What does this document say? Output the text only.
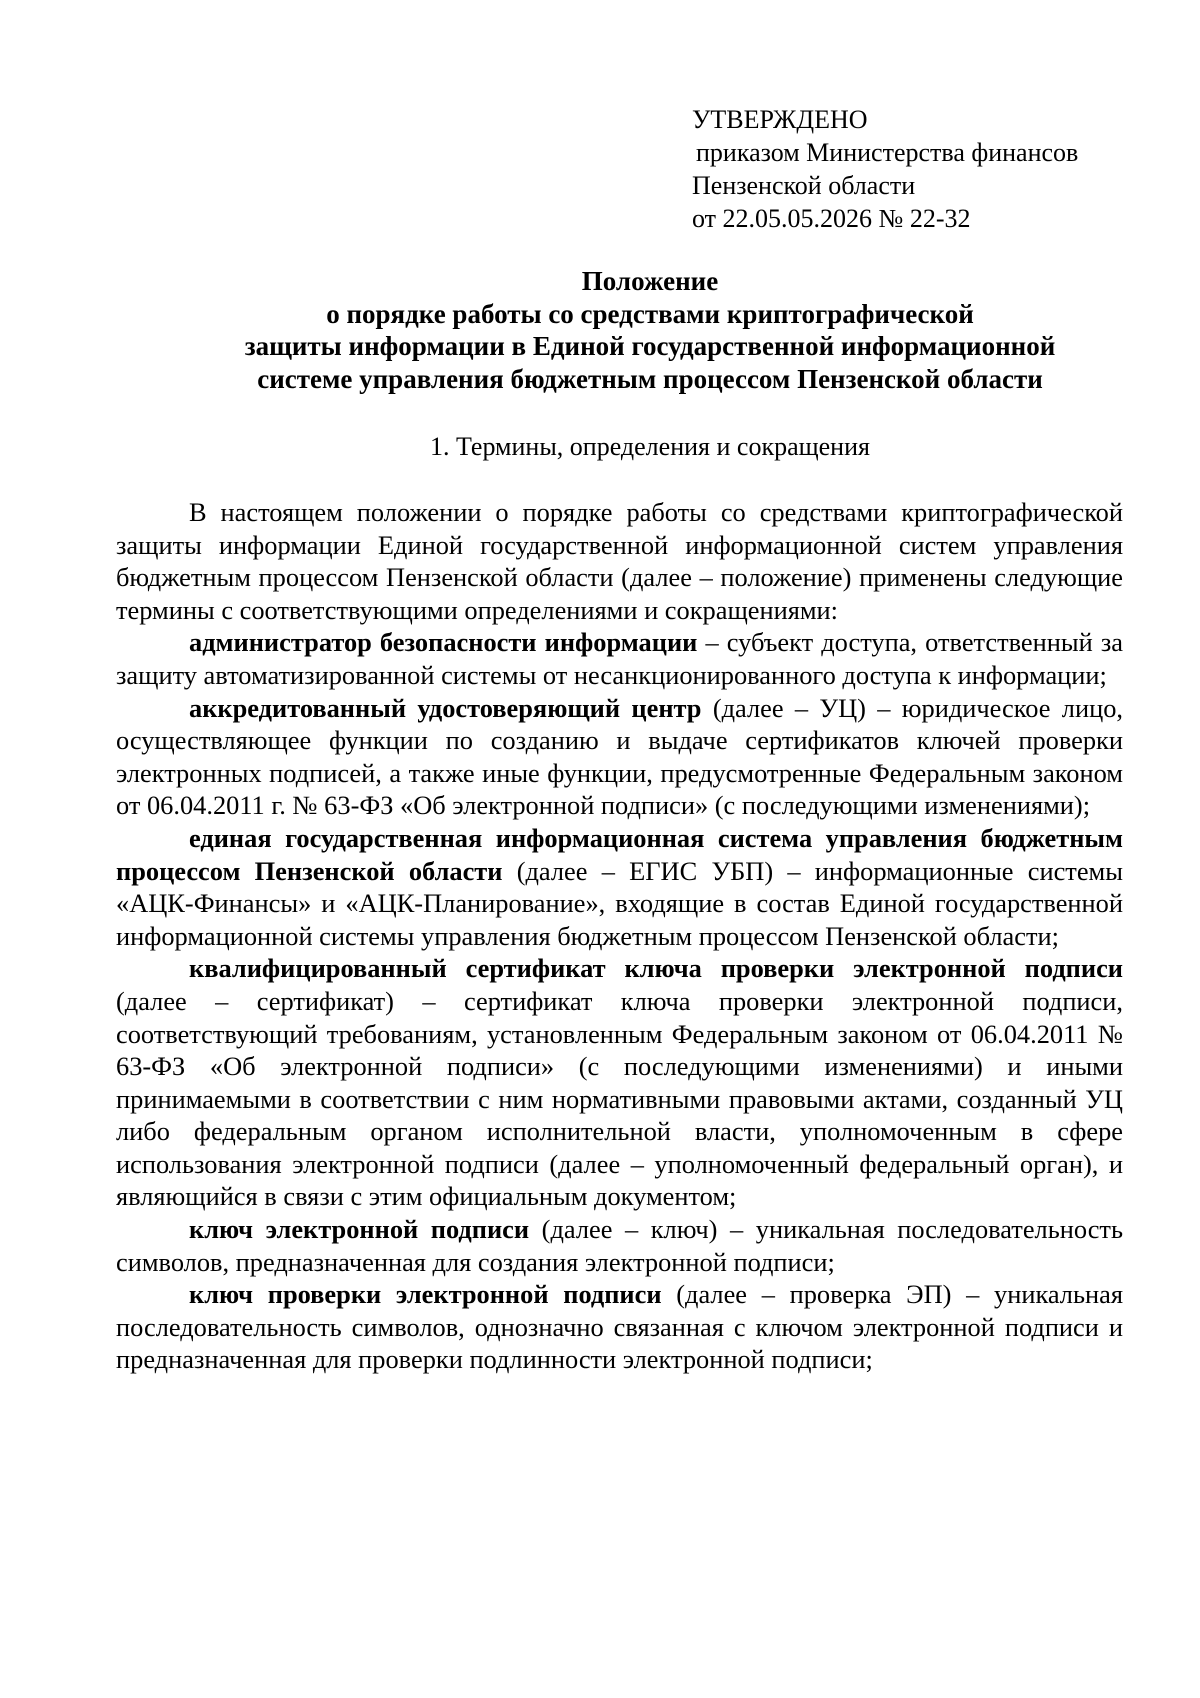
УТВЕРЖДЕНО
приказом Министерства финансов
Пензенской области
от 22.05.05.2026 № 22-32
Положение
о порядке работы со средствами криптографической
защиты информации в Единой государственной информационной
системе управления бюджетным процессом Пензенской области
1. Термины, определения и сокращения

В настоящем положении о порядке работы со средствами криптографической защиты информации Единой государственной информационной систем управления бюджетным процессом Пензенской области (далее – положение) применены следующие термины с соответствующими определениями и сокращениями:

администратор безопасности информации – субъект доступа, ответственный за защиту автоматизированной системы от несанкционированного доступа к информации;

аккредитованный удостоверяющий центр (далее – УЦ) – юридическое лицо, осуществляющее функции по созданию и выдаче сертификатов ключей проверки электронных подписей, а также иные функции, предусмотренные Федеральным законом от 06.04.2011 г. № 63-ФЗ «Об электронной подписи» (с последующими изменениями);

единая государственная информационная система управления бюджетным процессом Пензенской области (далее – ЕГИС УБП) – информационные системы «АЦК-Финансы» и «АЦК-Планирование», входящие в состав Единой государственной информационной системы управления бюджетным процессом Пензенской области;

квалифицированный сертификат ключа проверки электронной подписи (далее – сертификат) – сертификат ключа проверки электронной подписи, соответствующий требованиям, установленным Федеральным законом от 06.04.2011 № 63-ФЗ «Об электронной подписи» (с последующими изменениями) и иными принимаемыми в соответствии с ним нормативными правовыми актами, созданный УЦ либо федеральным органом исполнительной власти, уполномоченным в сфере использования электронной подписи (далее – уполномоченный федеральный орган), и являющийся в связи с этим официальным документом;

ключ электронной подписи (далее – ключ) – уникальная последовательность символов, предназначенная для создания электронной подписи;

ключ проверки электронной подписи (далее – проверка ЭП) – уникальная последовательность символов, однозначно связанная с ключом электронной подписи и предназначенная для проверки подлинности электронной подписи;
